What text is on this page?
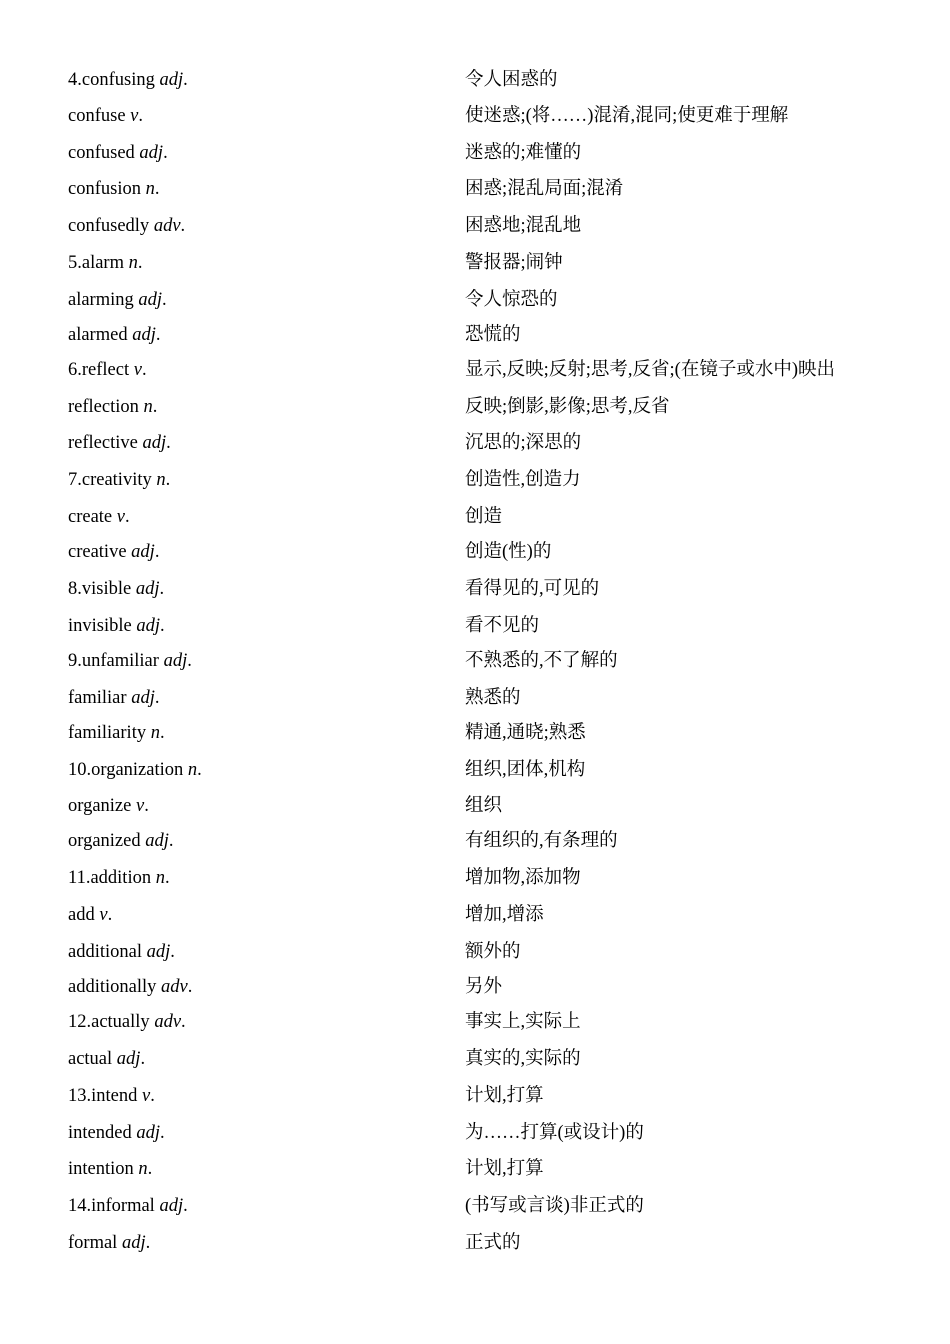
4.confusing adj.	令人困惑的
confuse v.	使迷惑;(将……)混淆,混同;使更难于理解
confused adj.	迷惑的;难懂的
confusion n.	困惑;混乱局面;混淆
confusedly adv.	困惑地;混乱地
5.alarm n.	警报器;闹钟
alarming adj.	令人惊恐的
alarmed adj.	恐慌的
6.reflect v.	显示,反映;反射;思考,反省;(在镜子或水中)映出
reflection n.	反映;倒影,影像;思考,反省
reflective adj.	沉思的;深思的
7.creativity n.	创造性,创造力
create v.	创造
creative adj.	创造(性)的
8.visible adj.	看得见的,可见的
invisible adj.	看不见的
9.unfamiliar adj.	不熟悉的,不了解的
familiar adj.	熟悉的
familiarity n.	精通,通晓;熟悉
10.organization n.	组织,团体,机构
organize v.	组织
organized adj.	有组织的,有条理的
11.addition n.	增加物,添加物
add v.	增加,增添
additional adj.	额外的
additionally adv.	另外
12.actually adv.	事实上,实际上
actual adj.	真实的,实际的
13.intend v.	计划,打算
intended adj.	为……打算(或设计)的
intention n.	计划,打算
14.informal adj.	(书写或言谈)非正式的
formal adj.	正式的
